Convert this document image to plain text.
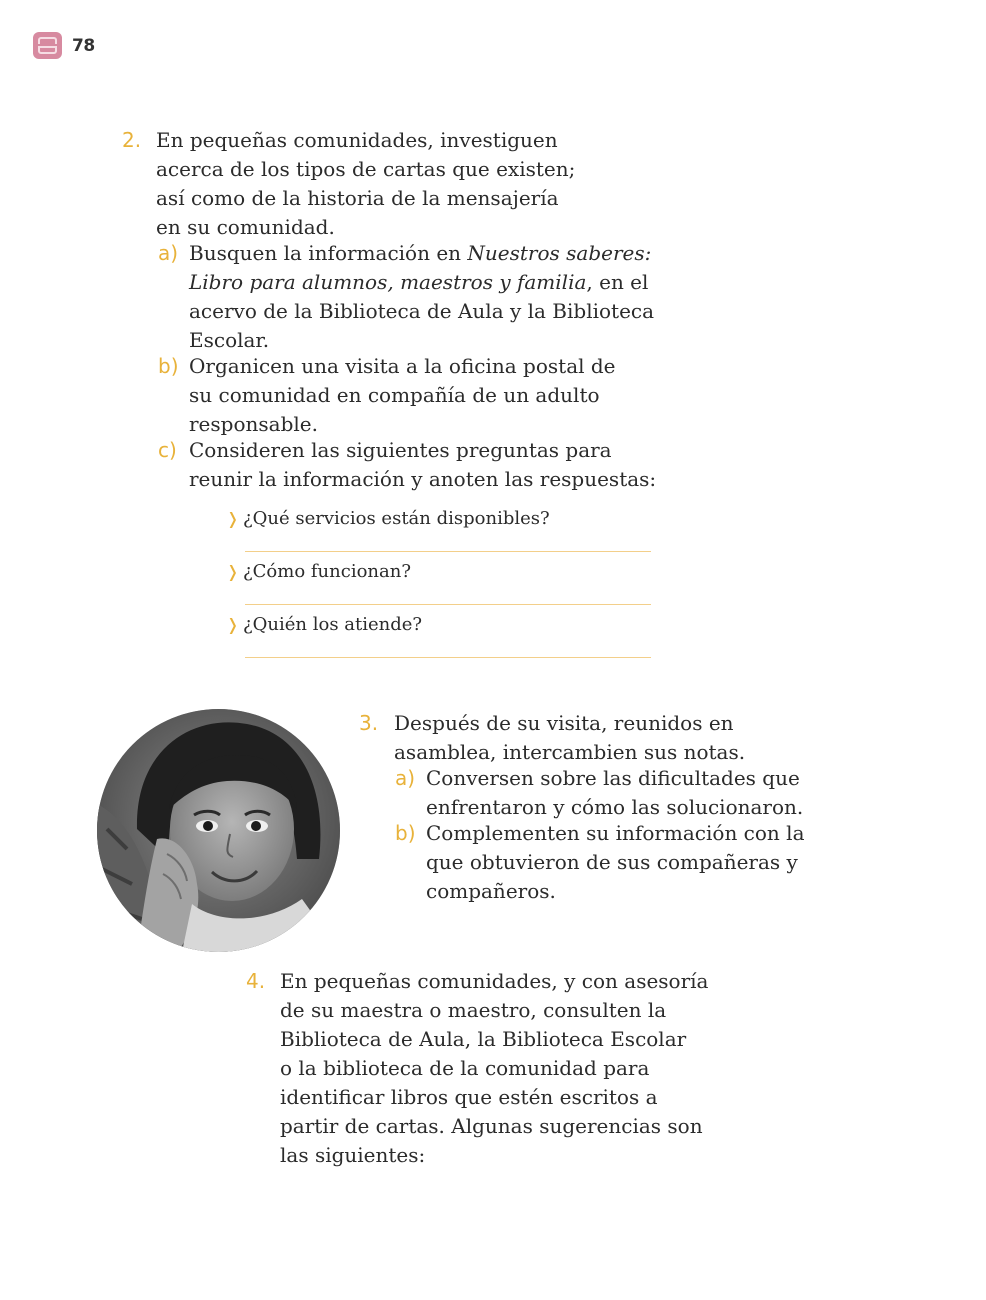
78
2. En pequeñas comunidades, investiguen
acerca de los tipos de cartas que existen;
así como de la historia de la mensajería
en su comunidad.
a) Busquen la información en Nuestros saberes:
Libro para alumnos, maestros y familia, en el
acervo de la Biblioteca de Aula y la Biblioteca
Escolar.
b) Organicen una visita a la oficina postal de
su comunidad en compañía de un adulto
responsable.
c) Consideren las siguientes preguntas para
reunir la información y anoten las respuestas:
❭ ¿Qué servicios están disponibles?
❭ ¿Cómo funcionan?
❭ ¿Quién los atiende?
3. Después de su visita, reunidos en
asamblea, intercambien sus notas.
a) Conversen sobre las dificultades que
enfrentaron y cómo las solucionaron.
b) Complementen su información con la
que obtuvieron de sus compañeras y
compañeros.
4. En pequeñas comunidades, y con asesoría
de su maestra o maestro, consulten la
Biblioteca de Aula, la Biblioteca Escolar
o la biblioteca de la comunidad para
identificar libros que estén escritos a
partir de cartas. Algunas sugerencias son
las siguientes:
